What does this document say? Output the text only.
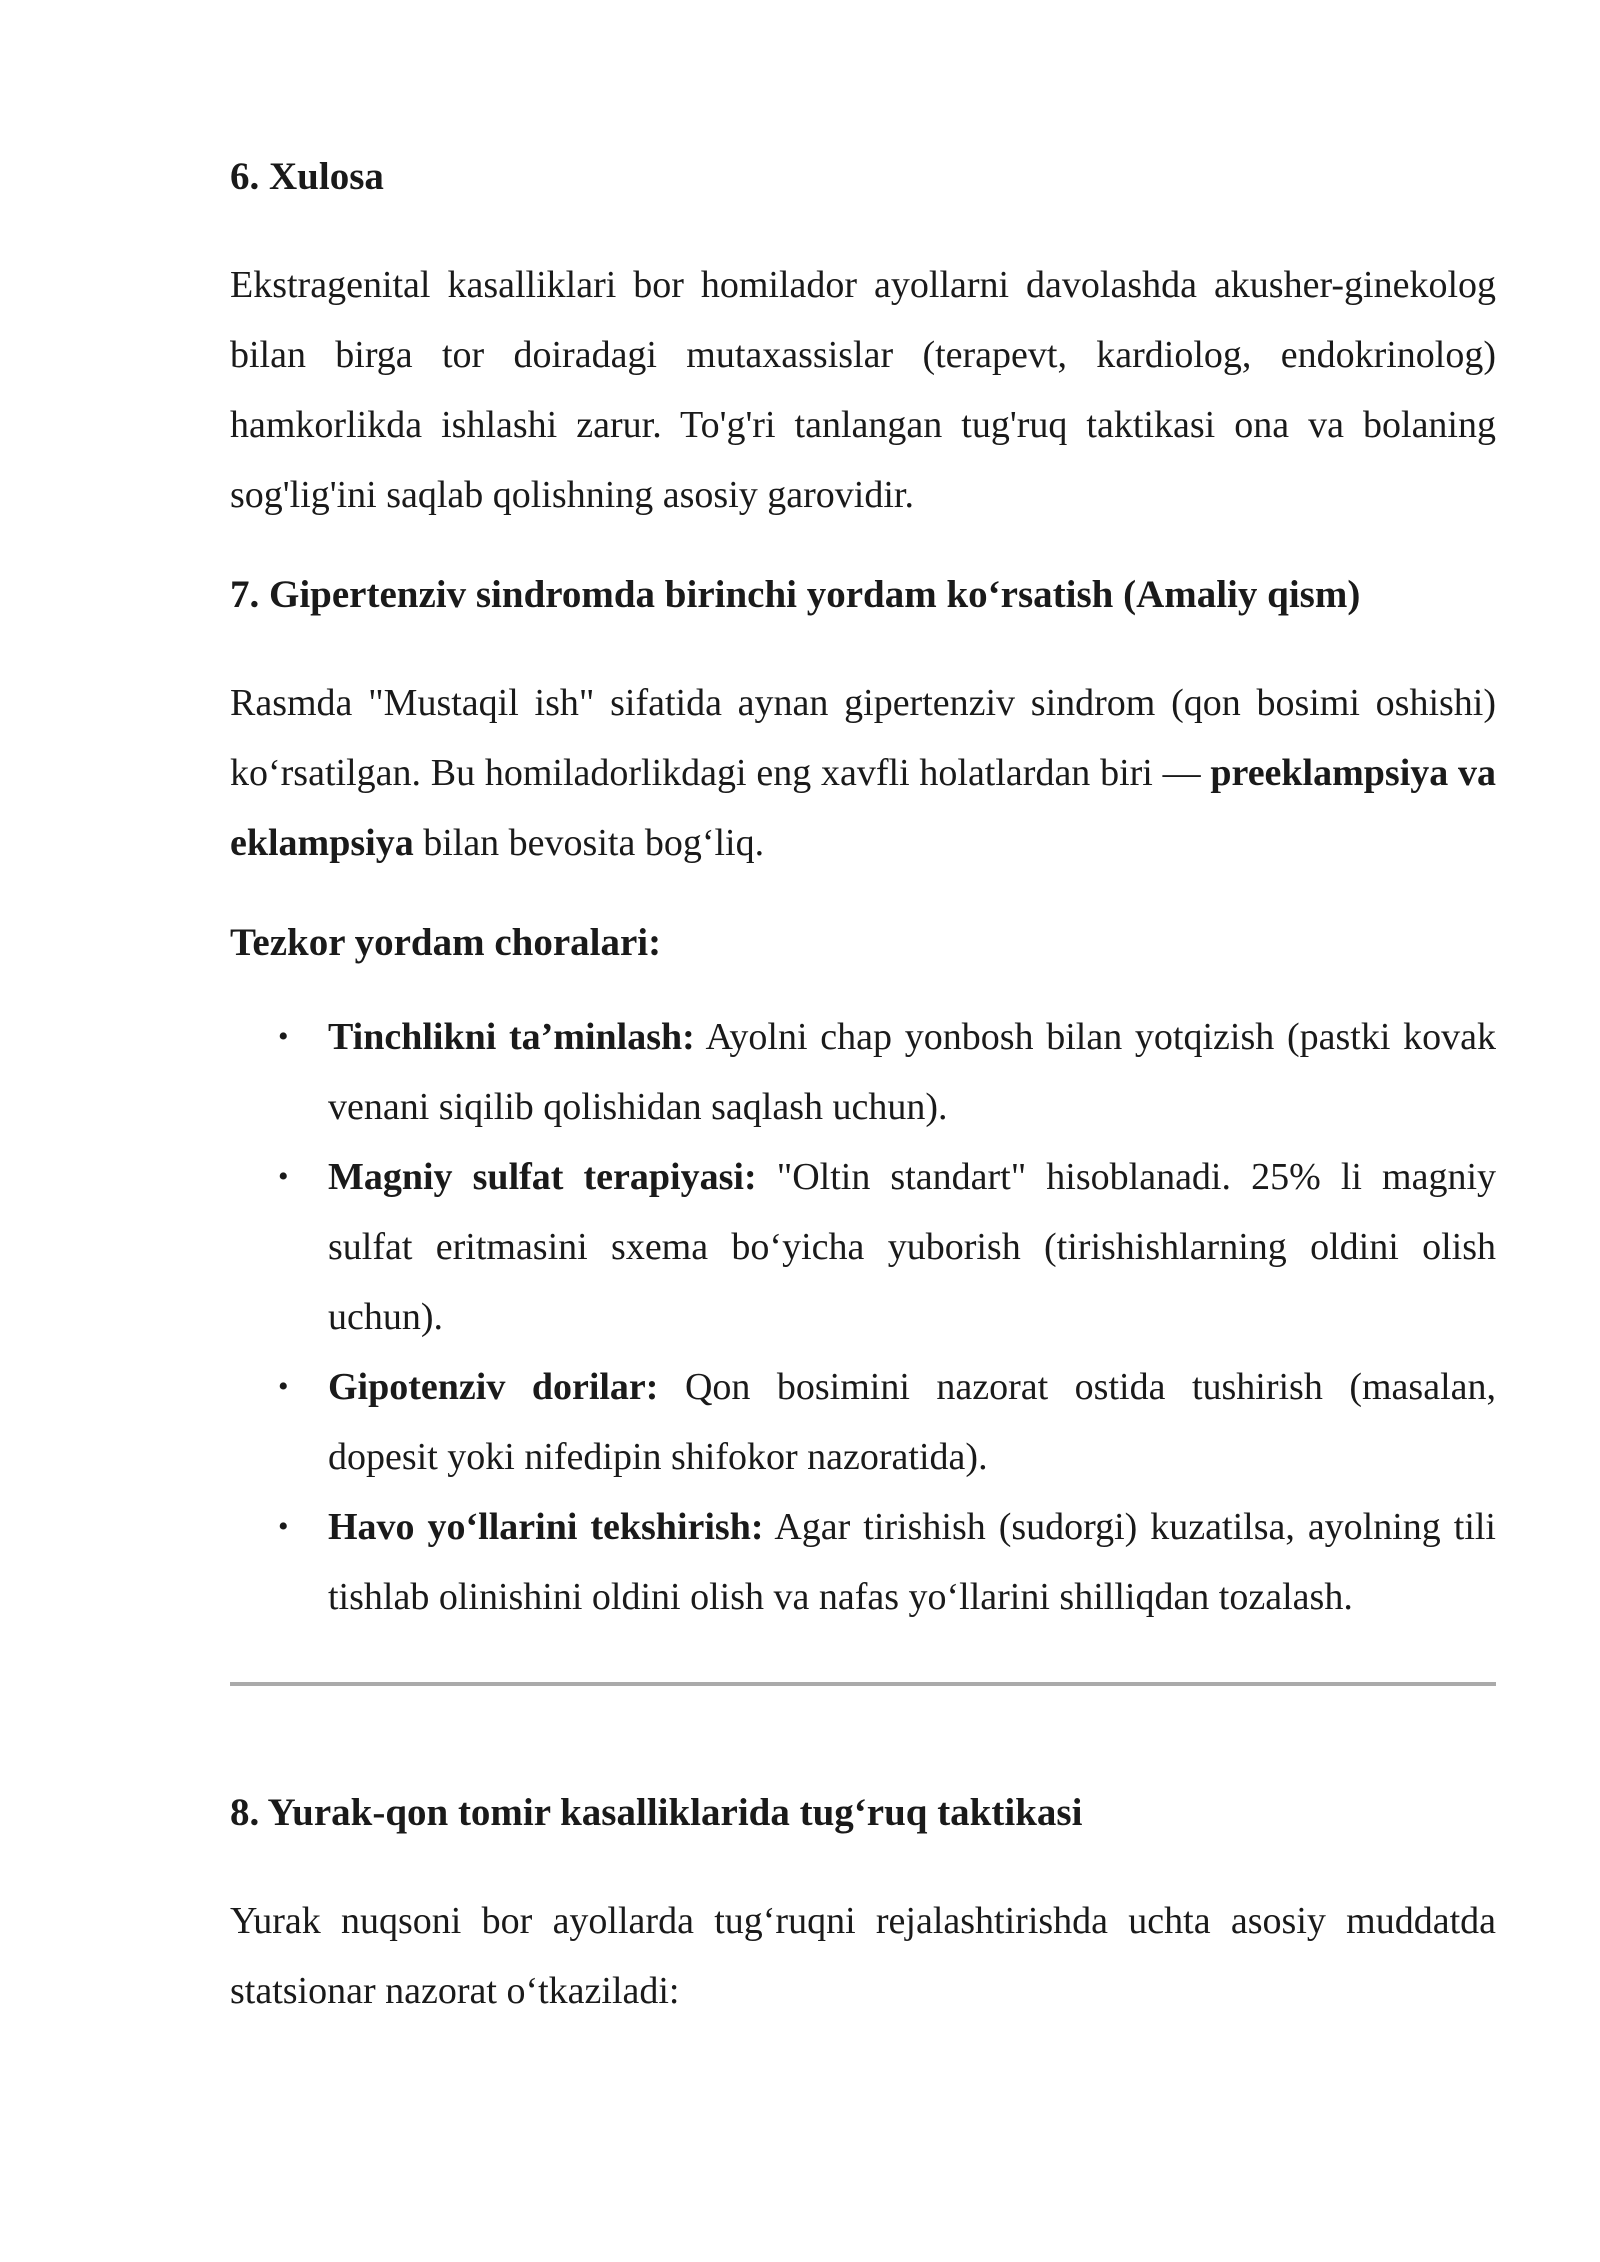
6. Xulosa

Ekstragenital kasalliklari bor homilador ayollarni davolashda akusher-ginekolog bilan birga tor doiradagi mutaxassislar (terapevt, kardiolog, endokrinolog) hamkorlikda ishlashi zarur. To'g'ri tanlangan tug'ruq taktikasi ona va bolaning sog'lig'ini saqlab qolishning asosiy garovidir.

7. Gipertenziv sindromda birinchi yordam ko‘rsatish (Amaliy qism)

Rasmda "Mustaqil ish" sifatida aynan gipertenziv sindrom (qon bosimi oshishi) ko‘rsatilgan. Bu homiladorlikdagi eng xavfli holatlardan biri — preeklampsiya va eklampsiya bilan bevosita bog‘liq.

Tezkor yordam choralari:
• Tinchlikni ta’minlash: Ayolni chap yonbosh bilan yotqizish (pastki kovak venani siqilib qolishidan saqlash uchun).
• Magniy sulfat terapiyasi: "Oltin standart" hisoblanadi. 25% li magniy sulfat eritmasini sxema bo‘yicha yuborish (tirishishlarning oldini olish uchun).
• Gipotenziv dorilar: Qon bosimini nazorat ostida tushirish (masalan, dopesit yoki nifedipin shifokor nazoratida).
• Havo yo‘llarini tekshirish: Agar tirishish (sudorgi) kuzatilsa, ayolning tili tishlab olinishini oldini olish va nafas yo‘llarini shilliqdan tozalash.
8. Yurak-qon tomir kasalliklarida tug‘ruq taktikasi

Yurak nuqsoni bor ayollarda tug‘ruqni rejalashtirishda uchta asosiy muddatda statsionar nazorat o‘tkaziladi:
